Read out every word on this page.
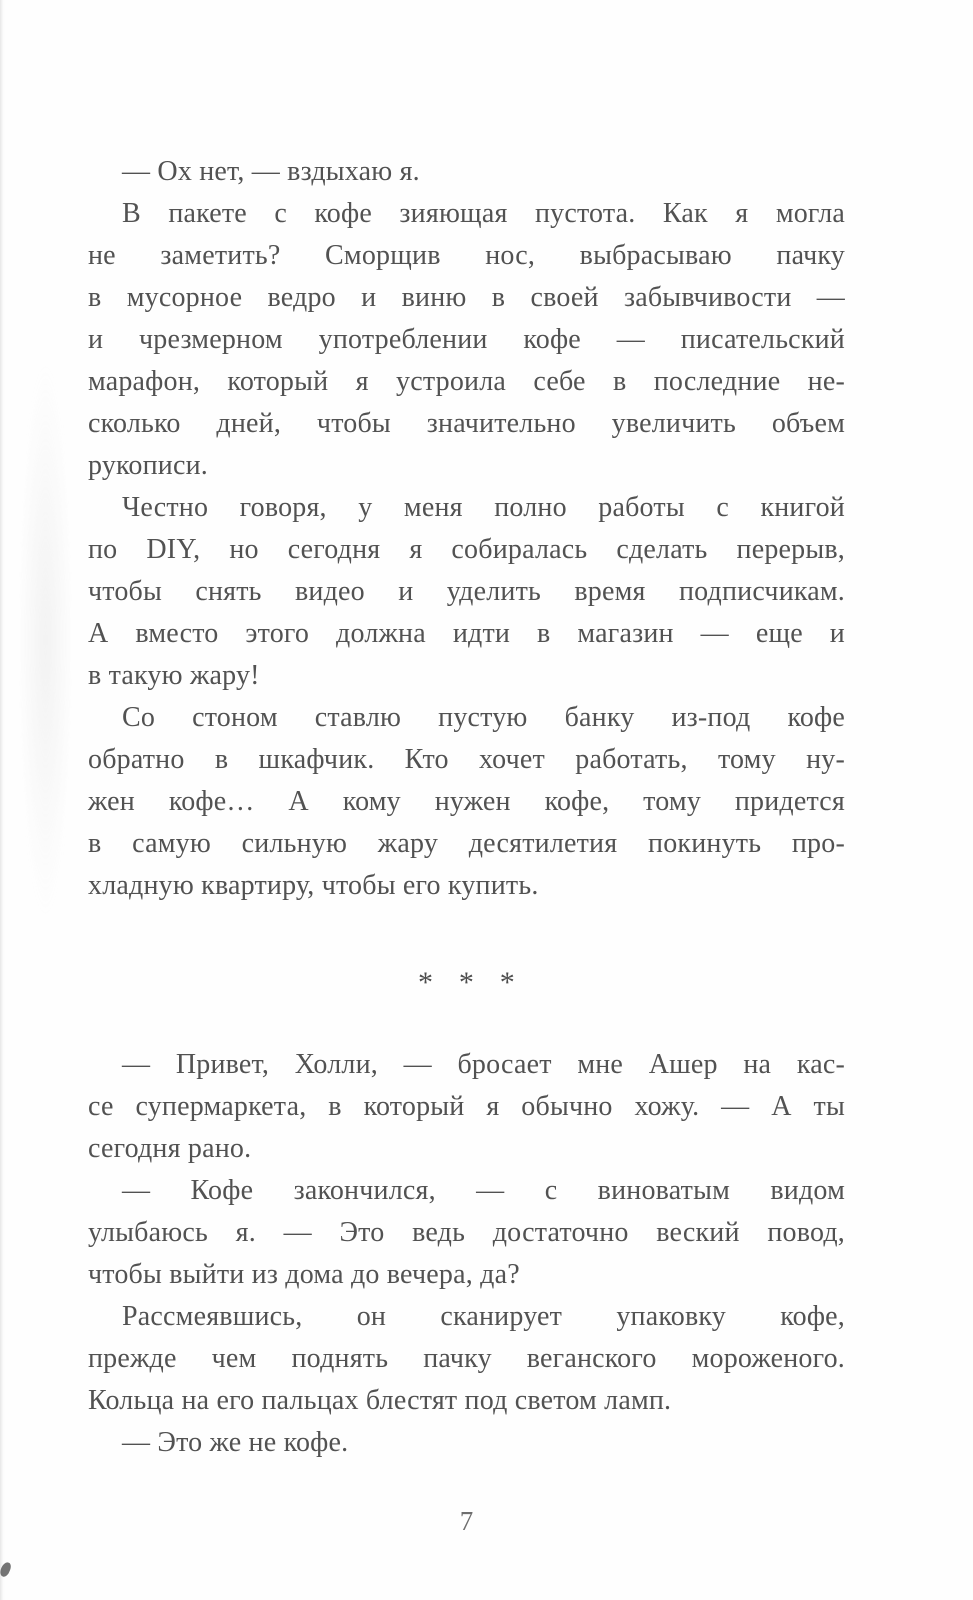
— Ох нет, — вздыхаю я.
В пакете с кофе зияющая пустота. Как я могла
не заметить? Сморщив нос, выбрасываю пачку
в мусорное ведро и виню в своей забывчивости —
и чрезмерном употреблении кофе — писательский
марафон, который я устроила себе в последние не-
сколько дней, чтобы значительно увеличить объем
рукописи.
Честно говоря, у меня полно работы с книгой
по DIY, но сегодня я собиралась сделать перерыв,
чтобы снять видео и уделить время подписчикам.
А вместо этого должна идти в магазин — еще и
в такую жару!
Со стоном ставлю пустую банку из-под кофе
обратно в шкафчик. Кто хочет работать, тому ну-
жен кофе… А кому нужен кофе, тому придется
в самую сильную жару десятилетия покинуть про-
хладную квартиру, чтобы его купить.
* * *
— Привет, Холли, — бросает мне Ашер на кас-
се супермаркета, в который я обычно хожу. — А ты
сегодня рано.
— Кофе закончился, — с виноватым видом
улыбаюсь я. — Это ведь достаточно веский повод,
чтобы выйти из дома до вечера, да?
Рассмеявшись, он сканирует упаковку кофе,
прежде чем поднять пачку веганского мороженого.
Кольца на его пальцах блестят под светом ламп.
— Это же не кофе.
7
